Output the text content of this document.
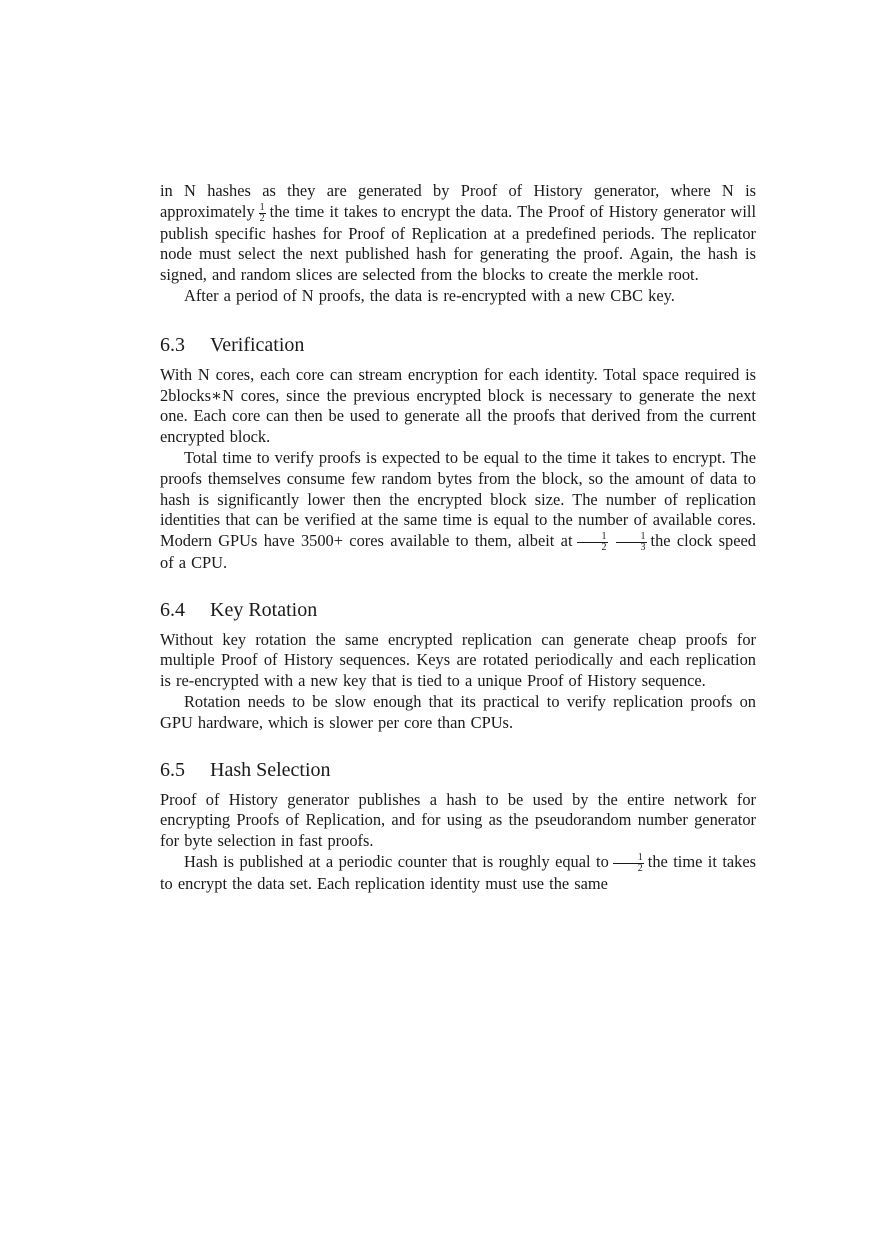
in N hashes as they are generated by Proof of History generator, where N is approximately $\frac{1}{2}$ the time it takes to encrypt the data. The Proof of History generator will publish specific hashes for Proof of Replication at a predefined periods. The replicator node must select the next published hash for generating the proof. Again, the hash is signed, and random slices are selected from the blocks to create the merkle root.

After a period of N proofs, the data is re-encrypted with a new CBC key.

6.3 Verification

With N cores, each core can stream encryption for each identity. Total space required is 2blocks∗N cores, since the previous encrypted block is necessary to generate the next one. Each core can then be used to generate all the proofs that derived from the current encrypted block.

Total time to verify proofs is expected to be equal to the time it takes to encrypt. The proofs themselves consume few random bytes from the block, so the amount of data to hash is significantly lower then the encrypted block size. The number of replication identities that can be verified at the same time is equal to the number of available cores. Modern GPUs have 3500+ cores available to them, albeit at $\frac{1}{2} \frac{1}{3}$ the clock speed of a CPU.

6.4 Key Rotation

Without key rotation the same encrypted replication can generate cheap proofs for multiple Proof of History sequences. Keys are rotated periodically and each replication is re-encrypted with a new key that is tied to a unique Proof of History sequence.

Rotation needs to be slow enough that its practical to verify replication proofs on GPU hardware, which is slower per core than CPUs.

6.5 Hash Selection

Proof of History generator publishes a hash to be used by the entire network for encrypting Proofs of Replication, and for using as the pseudorandom number generator for byte selection in fast proofs.

Hash is published at a periodic counter that is roughly equal to $\frac{1}{2}$ the time it takes to encrypt the data set. Each replication identity must use the same
